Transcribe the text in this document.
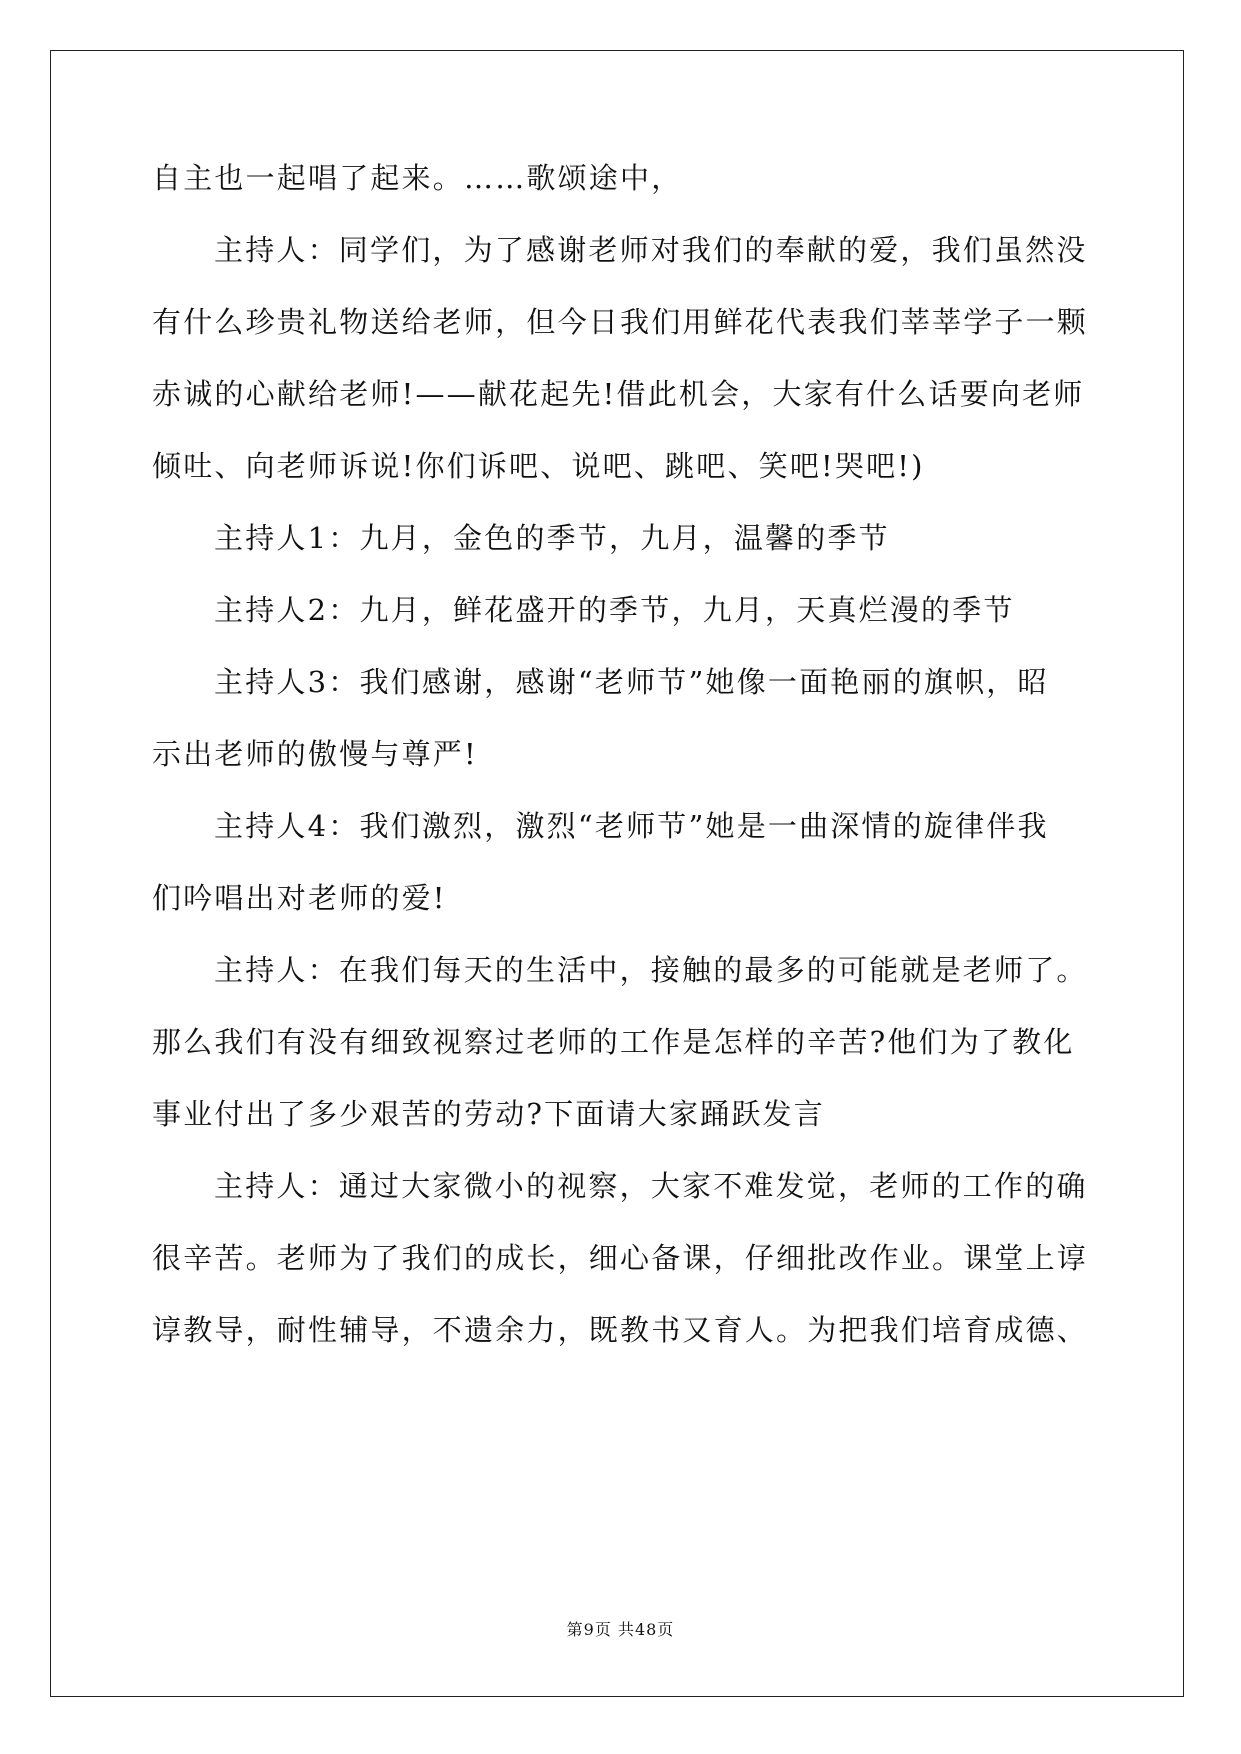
自主也一起唱了起来。……歌颂途中，
主持人：同学们，为了感谢老师对我们的奉献的爱，我们虽然没
有什么珍贵礼物送给老师，但今日我们用鲜花代表我们莘莘学子一颗
赤诚的心献给老师!——献花起先!借此机会，大家有什么话要向老师
倾吐、向老师诉说!你们诉吧、说吧、跳吧、笑吧!哭吧!)
主持人1：九月，金色的季节，九月，温馨的季节
主持人2：九月，鲜花盛开的季节，九月，天真烂漫的季节
主持人3：我们感谢，感谢“老师节”她像一面艳丽的旗帜，昭
示出老师的傲慢与尊严!
主持人4：我们激烈，激烈“老师节”她是一曲深情的旋律伴我
们吟唱出对老师的爱!
主持人：在我们每天的生活中，接触的最多的可能就是老师了。
那么我们有没有细致视察过老师的工作是怎样的辛苦?他们为了教化
事业付出了多少艰苦的劳动?下面请大家踊跃发言
主持人：通过大家微小的视察，大家不难发觉，老师的工作的确
很辛苦。老师为了我们的成长，细心备课，仔细批改作业。课堂上谆
谆教导，耐性辅导，不遗余力，既教书又育人。为把我们培育成德、
第9页 共48页
